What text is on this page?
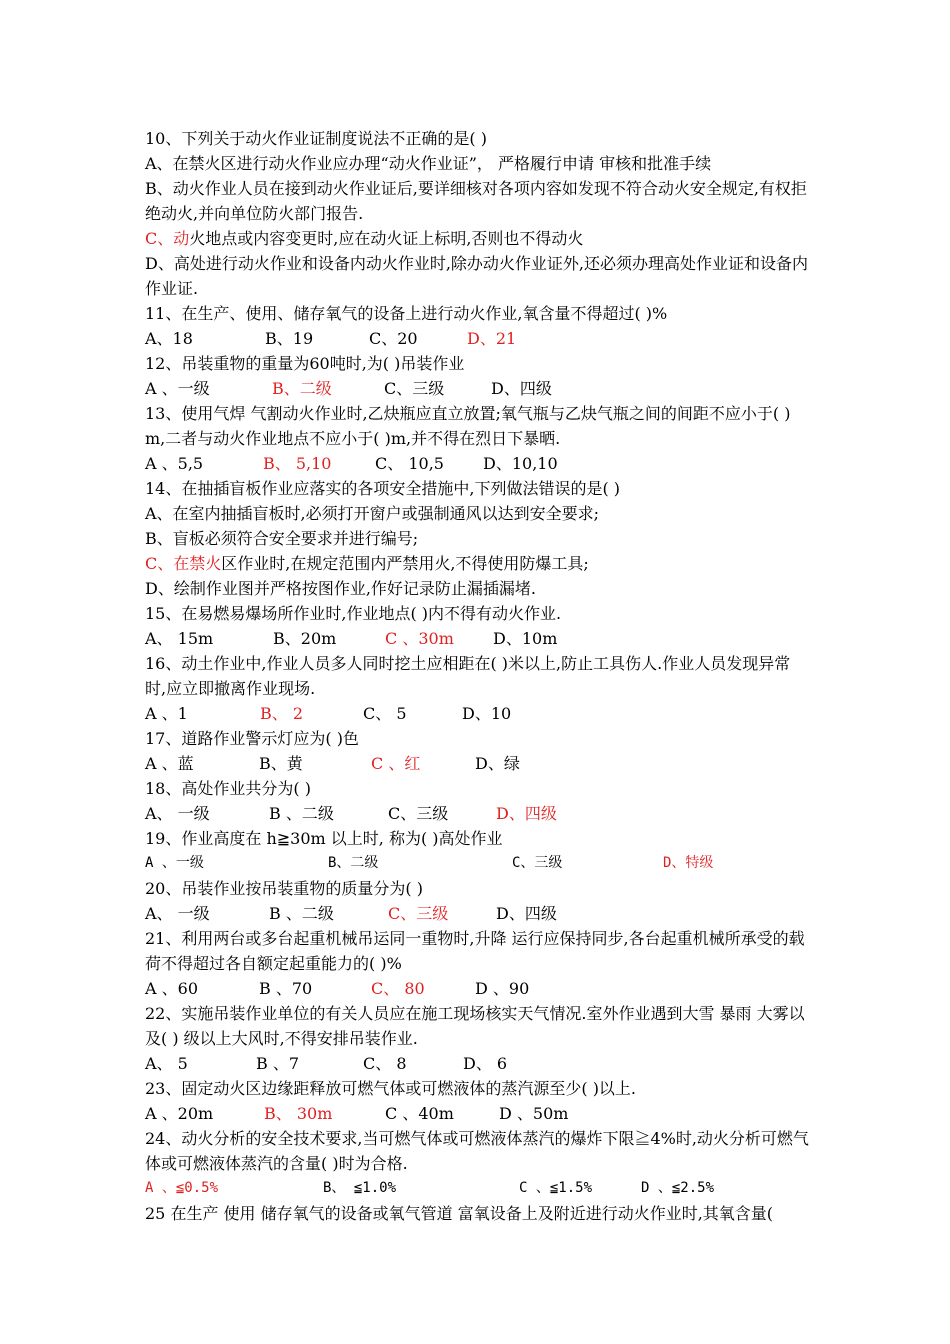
10、下列关于动火作业证制度说法不正确的是( )
A、在禁火区进行动火作业应办理“动火作业证”， 严格履行申请 审核和批准手续
B、动火作业人员在接到动火作业证后,要详细核对各项内容如发现不符合动火安全规定,有权拒绝动火,并向单位防火部门报告.
C、动火地点或内容变更时,应在动火证上标明,否则也不得动火
D、高处进行动火作业和设备内动火作业时,除办动火作业证外,还必须办理高处作业证和设备内作业证.
11、在生产、使用、储存氧气的设备上进行动火作业,氧含量不得超过( )%
A、18	B、19	C、20	D、21
12、吊装重物的重量为60吨时,为( )吊装作业
A 、一级	B、二级	C、三级	D、四级
13、使用气焊 气割动火作业时,乙炔瓶应直立放置;氧气瓶与乙炔气瓶之间的间距不应小于( ) m,二者与动火作业地点不应小于( )m,并不得在烈日下暴晒.
A 、5,5	B、 5,10	C、 10,5	D、10,10
14、在抽插盲板作业应落实的各项安全措施中,下列做法错误的是( )
A、在室内抽插盲板时,必须打开窗户或强制通风以达到安全要求;
B、盲板必须符合安全要求并进行编号;
C、在禁火区作业时,在规定范围内严禁用火,不得使用防爆工具;
D、绘制作业图并严格按图作业,作好记录防止漏插漏堵.
15、在易燃易爆场所作业时,作业地点( )内不得有动火作业.
A、 15m	B、20m	C 、30m	D、10m
16、动土作业中,作业人员多人同时挖土应相距在( )米以上,防止工具伤人.作业人员发现异常时,应立即撤离作业现场.
A 、1	B、 2	C、 5	D、10
17、道路作业警示灯应为( )色
A 、蓝	B、黄	C 、红	D、绿
18、高处作业共分为( )
A、 一级	B 、二级	C、三级	D、四级
19、作业高度在 h≧30m 以上时, 称为( )高处作业
A 、一级	B、二级	C、三级	D、特级
20、吊装作业按吊装重物的质量分为( )
A、 一级	B 、二级	C、三级	D、四级
21、利用两台或多台起重机械吊运同一重物时,升降 运行应保持同步,各台起重机械所承受的载荷不得超过各自额定起重能力的( )%
A 、60	B 、70	C、 80	D 、90
22、实施吊装作业单位的有关人员应在施工现场核实天气情况.室外作业遇到大雪 暴雨 大雾以及( ) 级以上大风时,不得安排吊装作业.
A、 5	B 、7	C、 8	D、 6
23、固定动火区边缘距释放可燃气体或可燃液体的蒸汽源至少( )以上.
A 、20m	B、 30m	C 、40m	D 、50m
24、动火分析的安全技术要求,当可燃气体或可燃液体蒸汽的爆炸下限≧4%时,动火分析可燃气体或可燃液体蒸汽的含量( )时为合格.
A 、≦0.5%	B、 ≦1.0%	C 、≦1.5%	D 、≦2.5%
25 在生产 使用 储存氧气的设备或氧气管道 富氧设备上及附近进行动火作业时,其氧含量(
